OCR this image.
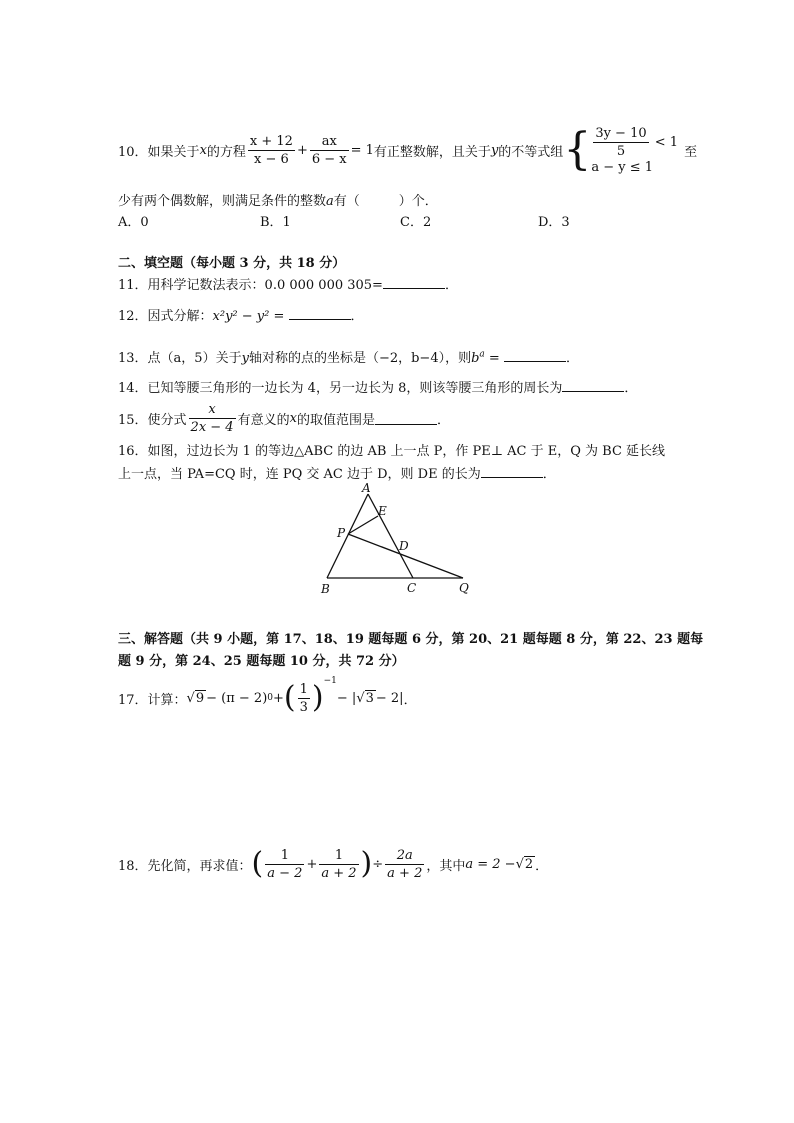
10． 如果关于 x 的方程 $\frac{x + 12}{x - 6} + \frac{ax}{6 - x} = 1$ 有正整数解，且关于 y 的不等式组 { $\frac{3y - 10}{5} < 1$
a − y ≤ 1
至
少有两个偶数解，则满足条件的整数a有（　　　）个．
A．0	B．1	C．2	D．3
二、填空题（每小题 3 分，共 18 分）
11．用科学记数法表示：0.0 000 000 305=	．
12．因式分解：x²y² − y² =	．
13．点（a，5）关于y轴对称的点的坐标是（−2，b−4），则$b^a$ =	．
14．已知等腰三角形的一边长为 4，另一边长为 8，则该等腰三角形的周长为	．
15．使分式 $\frac{x}{2x - 4}$ 有意义的 x 的取值范围是	．
16．如图，过边长为 1 的等边△ABC 的边 AB 上一点 P，作 PE⊥ AC 于 E，Q 为 BC 延长线
上一点，当 PA=CQ 时，连 PQ 交 AC 边于 D，则 DE 的长为	．
A
E
P
D
B	C	Q
三、解答题（共 9 小题，第 17、18、19 题每题 6 分，第 20、21 题每题 8 分，第 22、23 题每
题 9 分，第 24、25 题每题 10 分，共 72 分）
17．计算： √ 9 − (π − 2) 0 + ( $\frac{1}{3} )^{-1}$
− | √ 3 − 2| ．
18．先化简，再求值： ( $\frac{1}{a - 2} + \frac{1}{a + 2}$ ) ÷ $\frac{2a}{a + 2}$ ，其中 a = 2 − √ 2 ．
